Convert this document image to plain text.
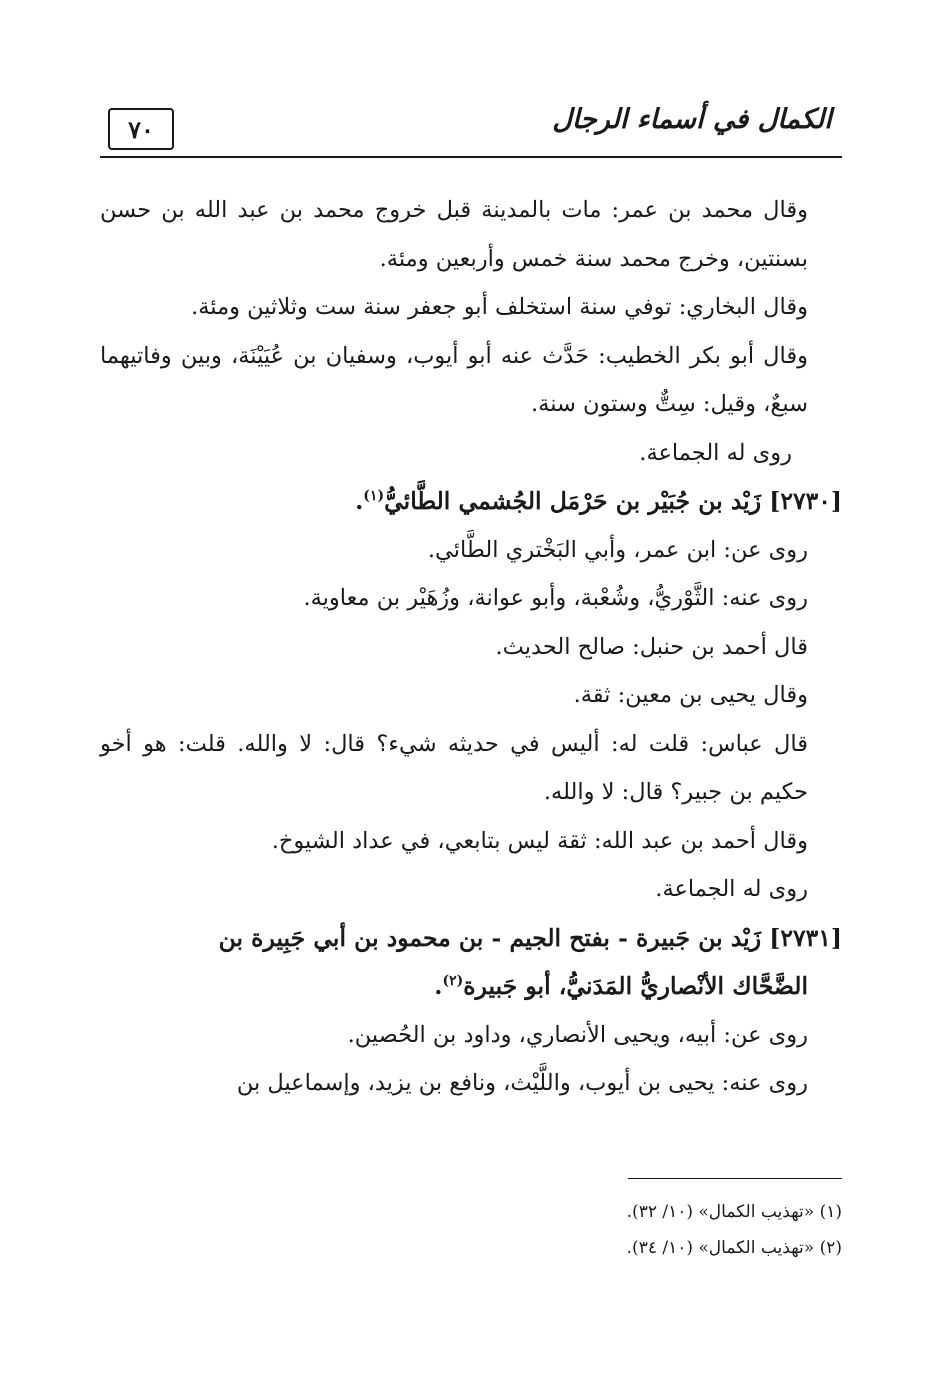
٧٠	الكمال في أسماء الرجال

وقال محمد بن عمر: مات بالمدينة قبل خروج محمد بن عبد الله بن حسن بسنتين، وخرج محمد سنة خمس وأربعين ومئة.

وقال البخاري: توفي سنة استخلف أبو جعفر سنة ست وثلاثين ومئة.

وقال أبو بكر الخطيب: حَدَّث عنه أبو أيوب، وسفيان بن عُيَيْنَة، وبين وفاتيهما سبعٌ، وقيل: سِتٌّ وستون سنة.

روى له الجماعة.

[٢٧٣٠] زَيْد بن جُبَيْر بن حَرْمَل الجُشمي الطَّائيُّ$^{(١)}$.

روى عن: ابن عمر، وأبي البَخْتري الطَّائي.

روى عنه: الثَّوْريُّ، وشُعْبة، وأبو عوانة، وزُهَيْر بن معاوية.

قال أحمد بن حنبل: صالح الحديث.

وقال يحيى بن معين: ثقة.

قال عباس: قلت له: أليس في حديثه شيء؟ قال: لا والله. قلت: هو أخو حكيم بن جبير؟ قال: لا والله.

وقال أحمد بن عبد الله: ثقة ليس بتابعي، في عداد الشيوخ.

روى له الجماعة.

[٢٧٣١] زَيْد بن جَبيرة - بفتح الجيم - بن محمود بن أبي جَبِيرة بن
الضَّحَّاك الأنْصاريُّ المَدَنيُّ، أبو جَبيرة$^{(٢)}$.

روى عن: أبيه، ويحيى الأنصاري، وداود بن الحُصين.

روى عنه: يحيى بن أيوب، واللَّيْث، ونافع بن يزيد، وإسماعيل بن

(١) «تهذيب الكمال» (١٠/ ٣٢).

(٢) «تهذيب الكمال» (١٠/ ٣٤).
